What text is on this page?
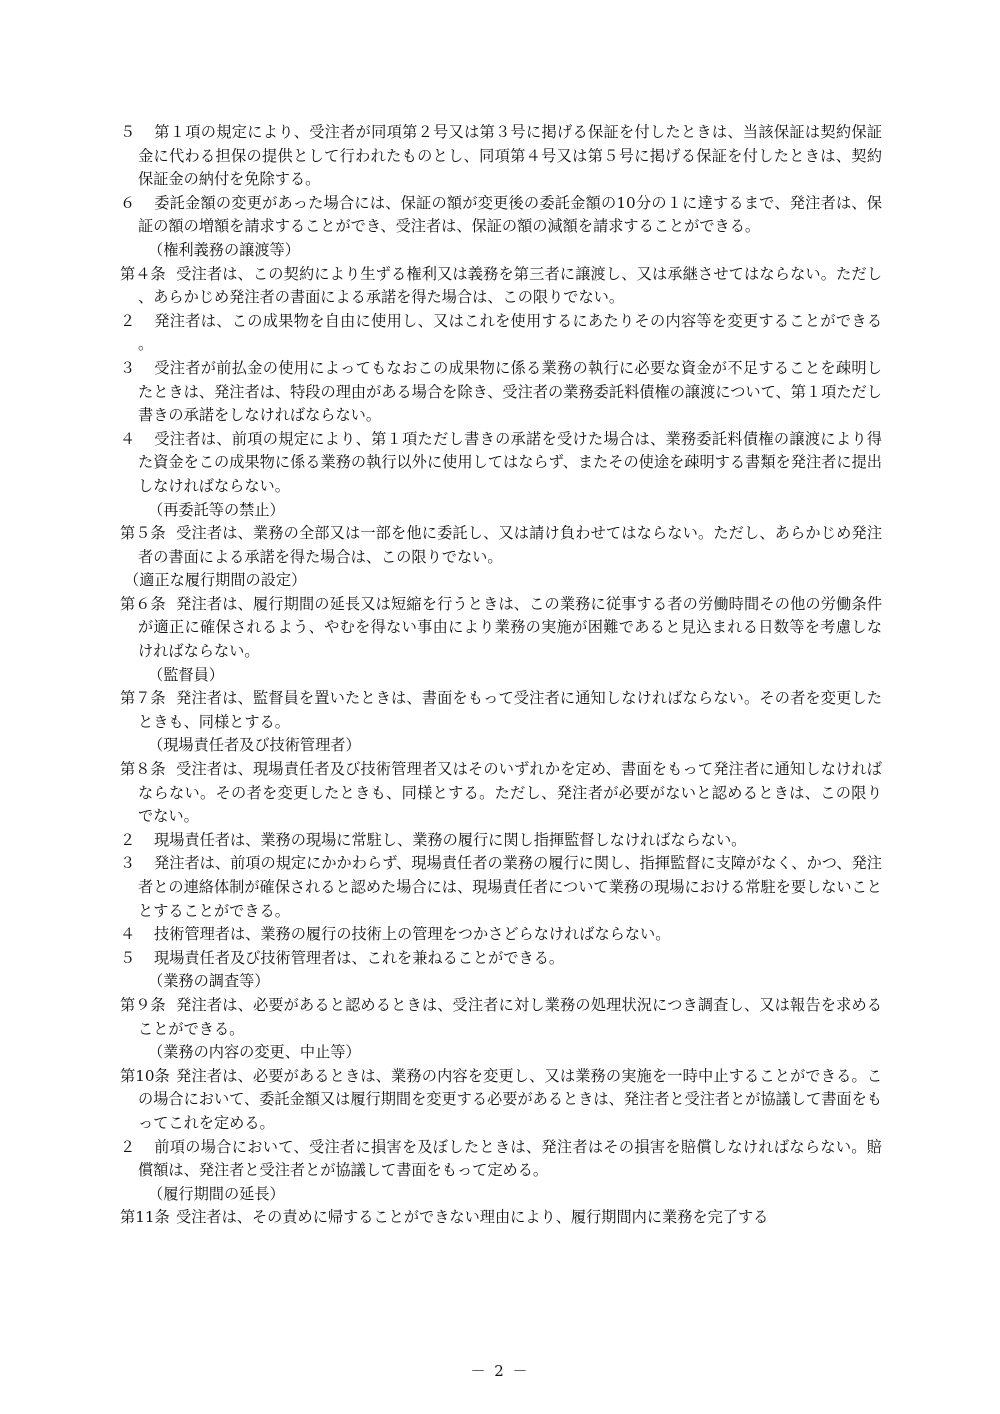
５ 第１項の規定により、受注者が同項第２号又は第３号に掲げる保証を付したときは、当該保証は契約保証金に代わる担保の提供として行われたものとし、同項第４号又は第５号に掲げる保証を付したときは、契約保証金の納付を免除する。

６ 委託金額の変更があった場合には、保証の額が変更後の委託金額の10分の１に達するまで、発注者は、保証の額の増額を請求することができ、受注者は、保証の額の減額を請求することができる。

（権利義務の譲渡等）

第４条 受注者は、この契約により生ずる権利又は義務を第三者に譲渡し、又は承継させてはならない。ただし、あらかじめ発注者の書面による承諾を得た場合は、この限りでない。

２ 発注者は、この成果物を自由に使用し、又はこれを使用するにあたりその内容等を変更することができる。

３ 受注者が前払金の使用によってもなおこの成果物に係る業務の執行に必要な資金が不足することを疎明したときは、発注者は、特段の理由がある場合を除き、受注者の業務委託料債権の譲渡について、第１項ただし書きの承諾をしなければならない。

４ 受注者は、前項の規定により、第１項ただし書きの承諾を受けた場合は、業務委託料債権の譲渡により得た資金をこの成果物に係る業務の執行以外に使用してはならず、またその使途を疎明する書類を発注者に提出しなければならない。

（再委託等の禁止）

第５条 受注者は、業務の全部又は一部を他に委託し、又は請け負わせてはならない。ただし、あらかじめ発注者の書面による承諾を得た場合は、この限りでない。

（適正な履行期間の設定）

第６条 発注者は、履行期間の延長又は短縮を行うときは、この業務に従事する者の労働時間その他の労働条件が適正に確保されるよう、やむを得ない事由により業務の実施が困難であると見込まれる日数等を考慮しなければならない。

（監督員）

第７条 発注者は、監督員を置いたときは、書面をもって受注者に通知しなければならない。その者を変更したときも、同様とする。

（現場責任者及び技術管理者）

第８条 受注者は、現場責任者及び技術管理者又はそのいずれかを定め、書面をもって発注者に通知しなければならない。その者を変更したときも、同様とする。ただし、発注者が必要がないと認めるときは、この限りでない。

２ 現場責任者は、業務の現場に常駐し、業務の履行に関し指揮監督しなければならない。

３ 発注者は、前項の規定にかかわらず、現場責任者の業務の履行に関し、指揮監督に支障がなく、かつ、発注者との連絡体制が確保されると認めた場合には、現場責任者について業務の現場における常駐を要しないこととすることができる。

４ 技術管理者は、業務の履行の技術上の管理をつかさどらなければならない。

５ 現場責任者及び技術管理者は、これを兼ねることができる。

（業務の調査等）

第９条 発注者は、必要があると認めるときは、受注者に対し業務の処理状況につき調査し、又は報告を求めることができる。

（業務の内容の変更、中止等）

第10条 発注者は、必要があるときは、業務の内容を変更し、又は業務の実施を一時中止することができる。この場合において、委託金額又は履行期間を変更する必要があるときは、発注者と受注者とが協議して書面をもってこれを定める。

２ 前項の場合において、受注者に損害を及ぼしたときは、発注者はその損害を賠償しなければならない。賠償額は、発注者と受注者とが協議して書面をもって定める。

（履行期間の延長）

第11条 受注者は、その責めに帰することができない理由により、履行期間内に業務を完了する

－ 2 －
